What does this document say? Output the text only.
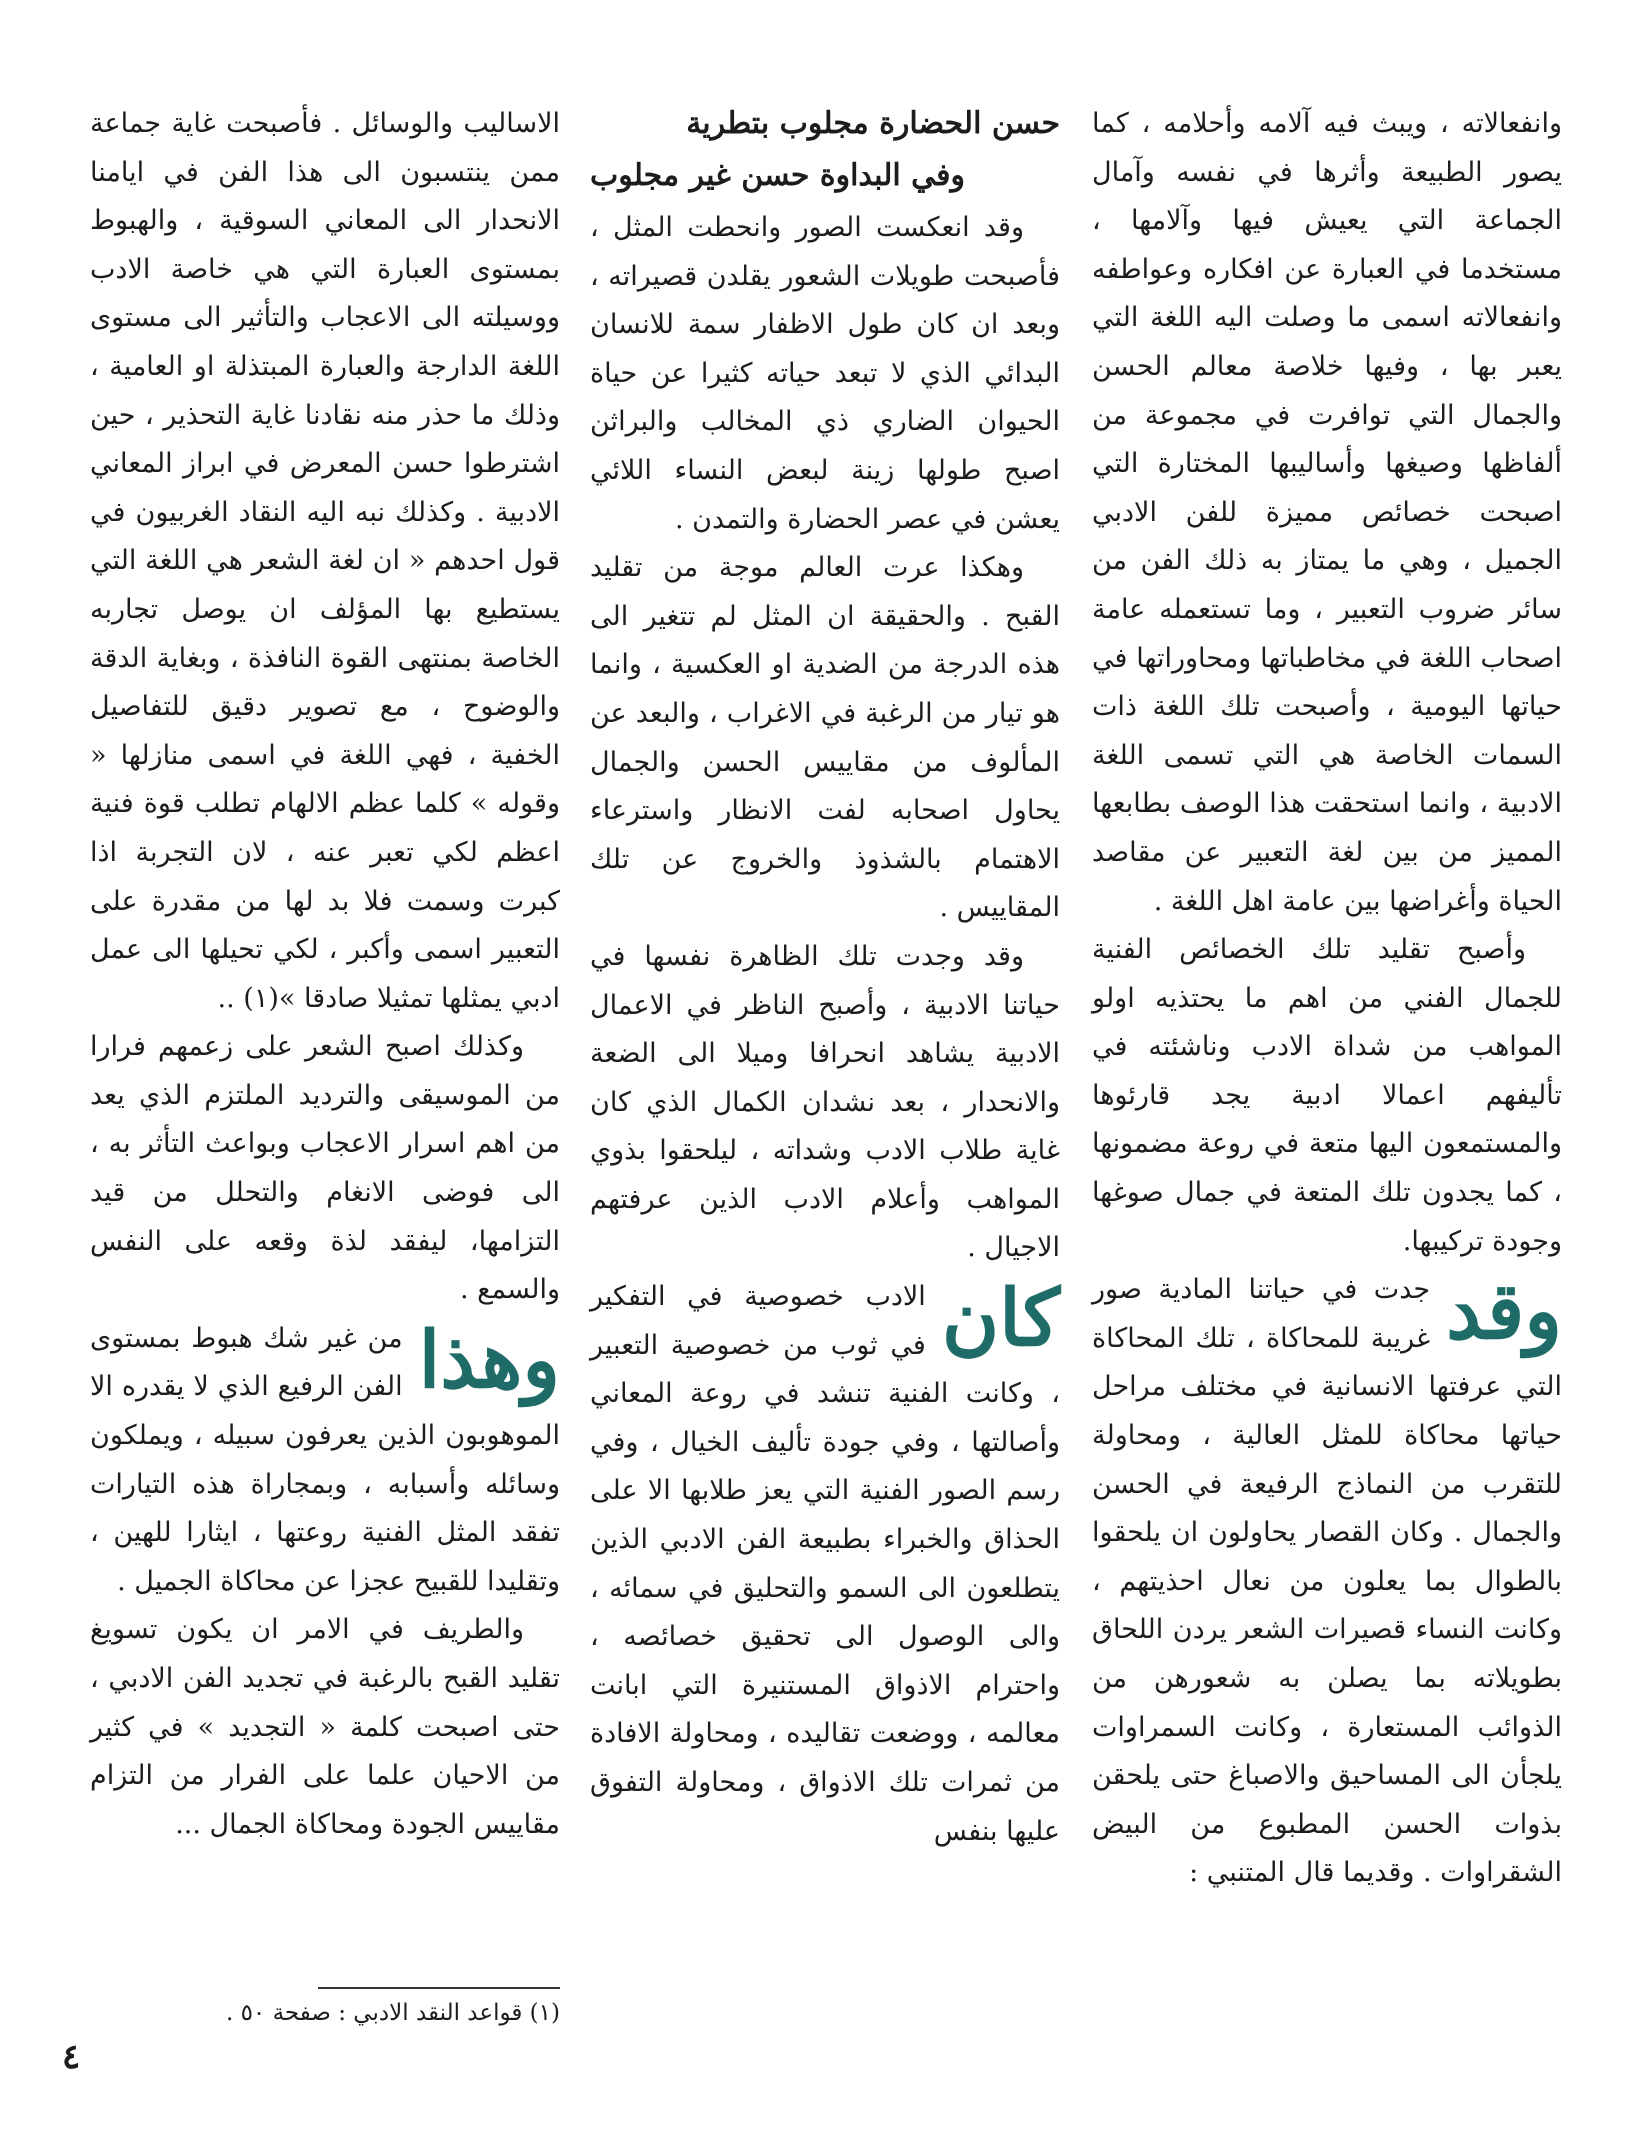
وانفعالاته ، ويبث فيه آلامه وأحلامه ، كما يصور الطبيعة وأثرها في نفسه وآمال الجماعة التي يعيش فيها وآلامها ، مستخدما في العبارة عن افكاره وعواطفه وانفعالاته اسمى ما وصلت اليه اللغة التي يعبر بها ، وفيها خلاصة معالم الحسن والجمال التي توافرت في مجموعة من ألفاظها وصيغها وأساليبها المختارة التي اصبحت خصائص مميزة للفن الادبي الجميل ، وهي ما يمتاز به ذلك الفن من سائر ضروب التعبير ، وما تستعمله عامة اصحاب اللغة في مخاطباتها ومحاوراتها في حياتها اليومية ، وأصبحت تلك اللغة ذات السمات الخاصة هي التي تسمى اللغة الادبية ، وانما استحقت هذا الوصف بطابعها المميز من بين لغة التعبير عن مقاصد الحياة وأغراضها بين عامة اهل اللغة .

وأصبح تقليد تلك الخصائص الفنية للجمال الفني من اهم ما يحتذيه اولو المواهب من شداة الادب وناشئته في تأليفهم اعمالا ادبية يجد قارئوها والمستمعون اليها متعة في روعة مضمونها ، كما يجدون تلك المتعة في جمال صوغها وجودة تركيبها.

وقد
جدت في حياتنا المادية صور غريبة للمحاكاة ، تلك المحاكاة التي عرفتها الانسانية في مختلف مراحل حياتها محاكاة للمثل العالية ، ومحاولة للتقرب من النماذج الرفيعة في الحسن والجمال . وكان القصار يحاولون ان يلحقوا بالطوال بما يعلون من نعال احذيتهم ، وكانت النساء قصيرات الشعر يردن اللحاق بطويلاته بما يصلن به شعورهن من الذوائب المستعارة ، وكانت السمراوات يلجأن الى المساحيق والاصباغ حتى يلحقن بذوات الحسن المطبوع من البيض الشقراوات . وقديما قال المتنبي :

حسن الحضارة مجلوب بتطرية
وفي البداوة حسن غير مجلوب

وقد انعكست الصور وانحطت المثل ، فأصبحت طويلات الشعور يقلدن قصيراته ، وبعد ان كان طول الاظفار سمة للانسان البدائي الذي لا تبعد حياته كثيرا عن حياة الحيوان الضاري ذي المخالب والبراثن اصبح طولها زينة لبعض النساء اللائي يعشن في عصر الحضارة والتمدن .

وهكذا عرت العالم موجة من تقليد القبح . والحقيقة ان المثل لم تتغير الى هذه الدرجة من الضدية او العكسية ، وانما هو تيار من الرغبة في الاغراب ، والبعد عن المألوف من مقاييس الحسن والجمال يحاول اصحابه لفت الانظار واسترعاء الاهتمام بالشذوذ والخروج عن تلك المقاييس .

وقد وجدت تلك الظاهرة نفسها في حياتنا الادبية ، وأصبح الناظر في الاعمال الادبية يشاهد انحرافا وميلا الى الضعة والانحدار ، بعد نشدان الكمال الذي كان غاية طلاب الادب وشداته ، ليلحقوا بذوي المواهب وأعلام الادب الذين عرفتهم الاجيال .

كان
الادب خصوصية في التفكير في ثوب من خصوصية التعبير ، وكانت الفنية تنشد في روعة المعاني وأصالتها ، وفي جودة تأليف الخيال ، وفي رسم الصور الفنية التي يعز طلابها الا على الحذاق والخبراء بطبيعة الفن الادبي الذين يتطلعون الى السمو والتحليق في سمائه ، والى الوصول الى تحقيق خصائصه ، واحترام الاذواق المستنيرة التي ابانت معالمه ، ووضعت تقاليده ، ومحاولة الافادة من ثمرات تلك الاذواق ، ومحاولة التفوق عليها بنفس

الاساليب والوسائل . فأصبحت غاية جماعة ممن ينتسبون الى هذا الفن في ايامنا الانحدار الى المعاني السوقية ، والهبوط بمستوى العبارة التي هي خاصة الادب ووسيلته الى الاعجاب والتأثير الى مستوى اللغة الدارجة والعبارة المبتذلة او العامية ، وذلك ما حذر منه نقادنا غاية التحذير ، حين اشترطوا حسن المعرض في ابراز المعاني الادبية . وكذلك نبه اليه النقاد الغربيون في قول احدهم « ان لغة الشعر هي اللغة التي يستطيع بها المؤلف ان يوصل تجاربه الخاصة بمنتهى القوة النافذة ، وبغاية الدقة والوضوح ، مع تصوير دقيق للتفاصيل الخفية ، فهي اللغة في اسمى منازلها « وقوله » كلما عظم الالهام تطلب قوة فنية اعظم لكي تعبر عنه ، لان التجربة اذا كبرت وسمت فلا بد لها من مقدرة على التعبير اسمى وأكبر ، لكي تحيلها الى عمل ادبي يمثلها تمثيلا صادقا »(١) ..

وكذلك اصبح الشعر على زعمهم فرارا من الموسيقى والترديد الملتزم الذي يعد من اهم اسرار الاعجاب وبواعث التأثر به ، الى فوضى الانغام والتحلل من قيد التزامها، ليفقد لذة وقعه على النفس والسمع .

وهذا
من غير شك هبوط بمستوى الفن الرفيع الذي لا يقدره الا الموهوبون الذين يعرفون سبيله ، ويملكون وسائله وأسبابه ، وبمجاراة هذه التيارات تفقد المثل الفنية روعتها ، ايثارا للهين ، وتقليدا للقبيح عجزا عن محاكاة الجميل .

والطريف في الامر ان يكون تسويغ تقليد القبح بالرغبة في تجديد الفن الادبي ، حتى اصبحت كلمة « التجديد » في كثير من الاحيان علما على الفرار من التزام مقاييس الجودة ومحاكاة الجمال ...

(١) قواعد النقد الادبي : صفحة ٥٠ .
٤
